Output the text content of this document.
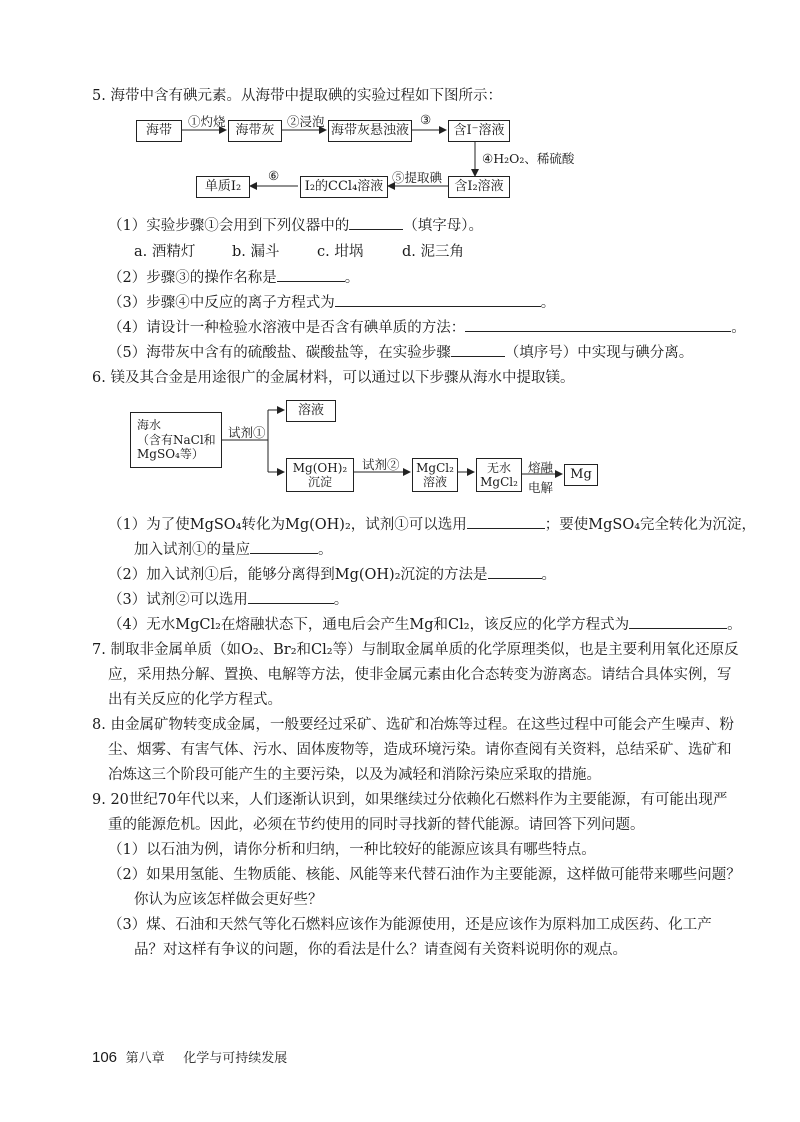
5. 海带中含有碘元素。从海带中提取碘的实验过程如下图所示：
海带	海带灰	海带灰悬浊液	含I⁻溶液
含I₂溶液
I₂的CCl₄溶液
单质I₂
①灼烧	②浸泡	③
④H₂O₂、稀硫酸
⑤提取碘
⑥
（1）实验步骤①会用到下列仪器中的	（填字母）。
a. 酒精灯	b. 漏斗	c. 坩埚	d. 泥三角
（2）步骤③的操作名称是	。
（3）步骤④中反应的离子方程式为	。
（4）请设计一种检验水溶液中是否含有碘单质的方法：	。
（5）海带灰中含有的硫酸盐、碳酸盐等，在实验步骤	（填序号）中实现与碘分离。
6. 镁及其合金是用途很广的金属材料，可以通过以下步骤从海水中提取镁。
海水
（含有NaCl和
MgSO₄等）
试剂①
溶液
Mg(OH)₂
沉淀
试剂② MgCl₂
溶液
无水
MgCl₂
熔融
电解
Mg
（1）为了使MgSO₄转化为Mg(OH)₂，试剂①可以选用	；要使MgSO₄完全转化为沉淀，
加入试剂①的量应	。
（2）加入试剂①后，能够分离得到Mg(OH)₂沉淀的方法是	。
（3）试剂②可以选用	。
（4）无水MgCl₂在熔融状态下，通电后会产生Mg和Cl₂，该反应的化学方程式为	。
7. 制取非金属单质（如O₂、Br₂和Cl₂等）与制取金属单质的化学原理类似，也是主要利用氧化还原反
应，采用热分解、置换、电解等方法，使非金属元素由化合态转变为游离态。请结合具体实例，写
出有关反应的化学方程式。
8. 由金属矿物转变成金属，一般要经过采矿、选矿和冶炼等过程。在这些过程中可能会产生噪声、粉
尘、烟雾、有害气体、污水、固体废物等，造成环境污染。请你查阅有关资料，总结采矿、选矿和
冶炼这三个阶段可能产生的主要污染，以及为减轻和消除污染应采取的措施。
9. 20世纪70年代以来，人们逐渐认识到，如果继续过分依赖化石燃料作为主要能源，有可能出现严
重的能源危机。因此，必须在节约使用的同时寻找新的替代能源。请回答下列问题。
（1）以石油为例，请你分析和归纳，一种比较好的能源应该具有哪些特点。
（2）如果用氢能、生物质能、核能、风能等来代替石油作为主要能源，这样做可能带来哪些问题？
你认为应该怎样做会更好些？
（3）煤、石油和天然气等化石燃料应该作为能源使用，还是应该作为原料加工成医药、化工产
品？对这样有争议的问题，你的看法是什么？请查阅有关资料说明你的观点。
106 第八章 化学与可持续发展
